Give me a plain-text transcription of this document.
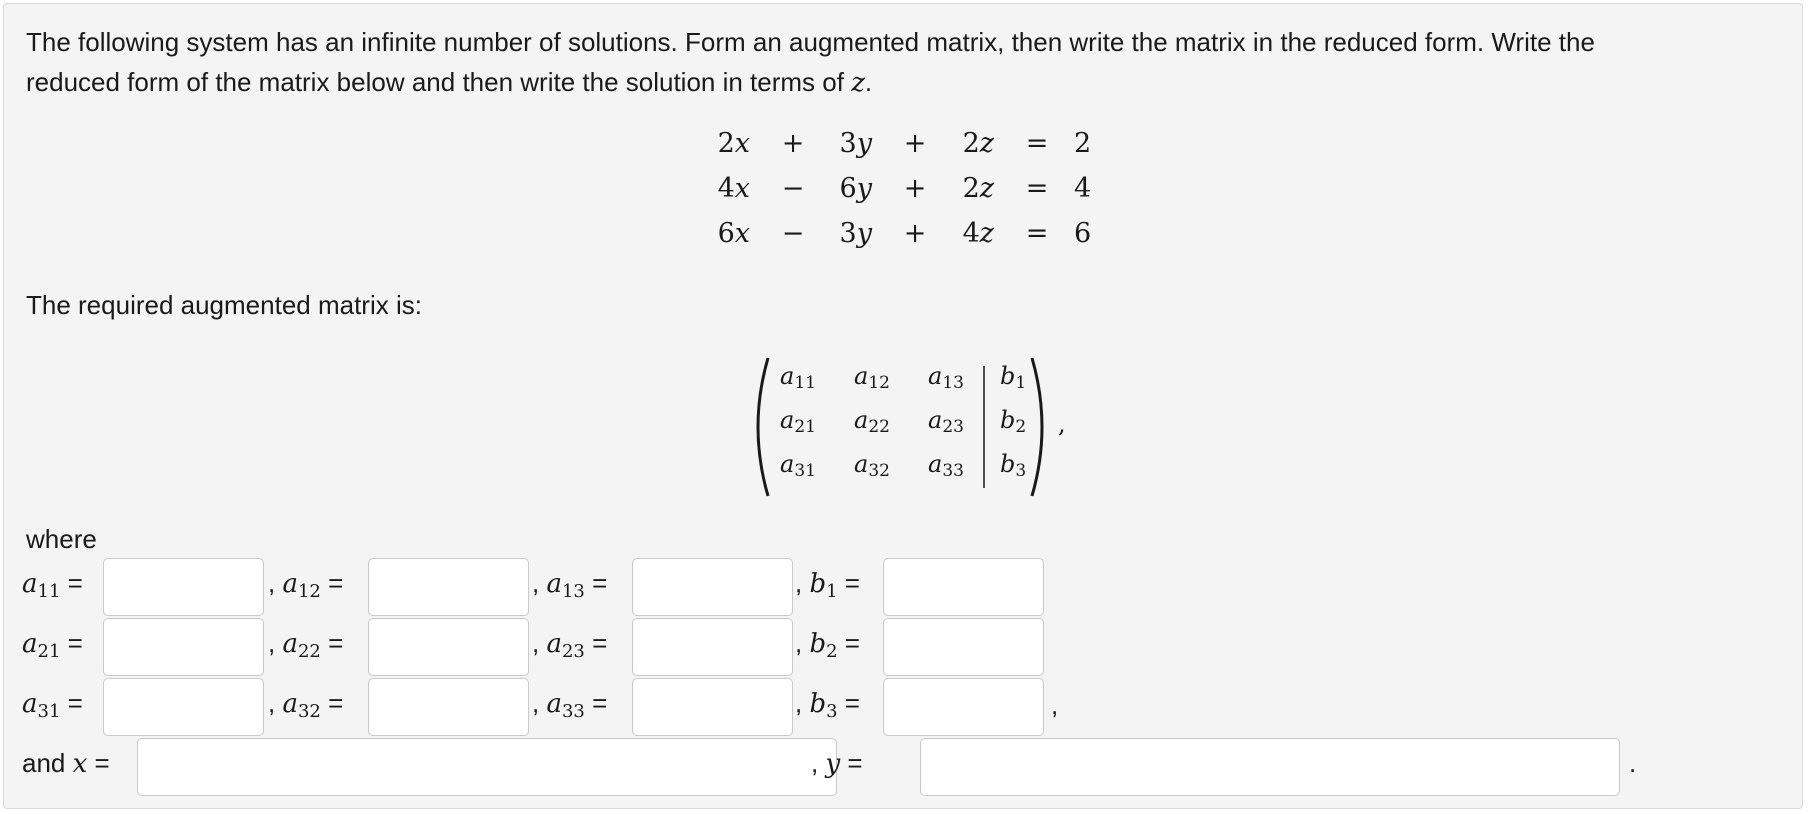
The following system has an infinite number of solutions. Form an augmented matrix, then write the matrix in the reduced form. Write the
reduced form of the matrix below and then write the solution in terms of z.
2x +	3y +	2z = 2
4x −	6y +	2z = 4
6x −	3y +	4z = 6
The required augmented matrix is:
,
$a_{11}$ $a_{12}$ $a_{13}$ $b_1$
$a_{21}$ $a_{22}$ $a_{23}$ $b_2$
$a_{31}$ $a_{32}$ $a_{33}$ $b_3$
where
$a_{11}$ =	, $a_{12}$ =	, $a_{13}$ =	, $b_1$ =
$a_{21}$ =	, $a_{22}$ =	, $a_{23}$ =	, $b_2$ =
$a_{31}$ =	, $a_{32}$ =	, $a_{33}$ =	, $b_3$ =	,
and x =	, y =	.
